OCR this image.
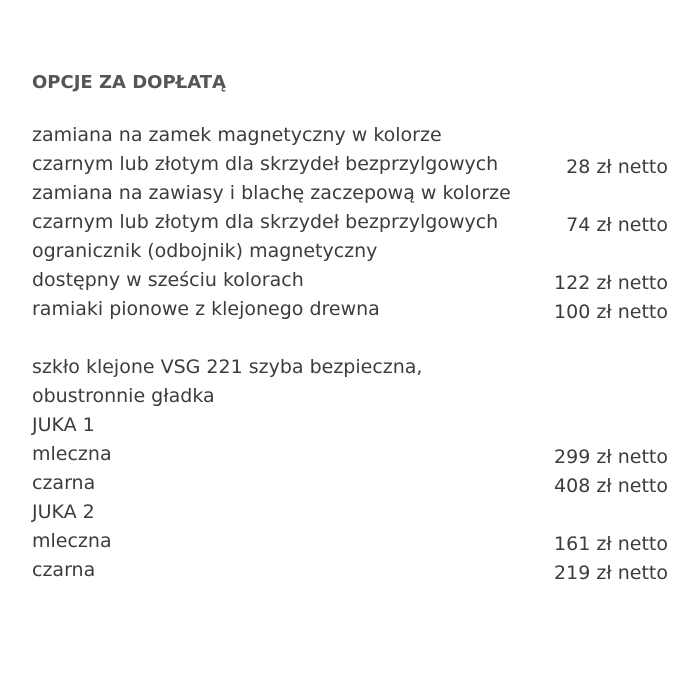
OPCJE ZA DOPŁATĄ
zamiana na zamek magnetyczny w kolorze
czarnym lub złotym dla skrzydeł bezprzylgowych	28 zł netto
zamiana na zawiasy i blachę zaczepową w kolorze
czarnym lub złotym dla skrzydeł bezprzylgowych	74 zł netto
ogranicznik (odbojnik) magnetyczny
dostępny w sześciu kolorach	122 zł netto
ramiaki pionowe z klejonego drewna	100 zł netto
szkło klejone VSG 221 szyba bezpieczna,
obustronnie gładka
JUKA 1
mleczna	299 zł netto
czarna	408 zł netto
JUKA 2
mleczna	161 zł netto
czarna	219 zł netto
